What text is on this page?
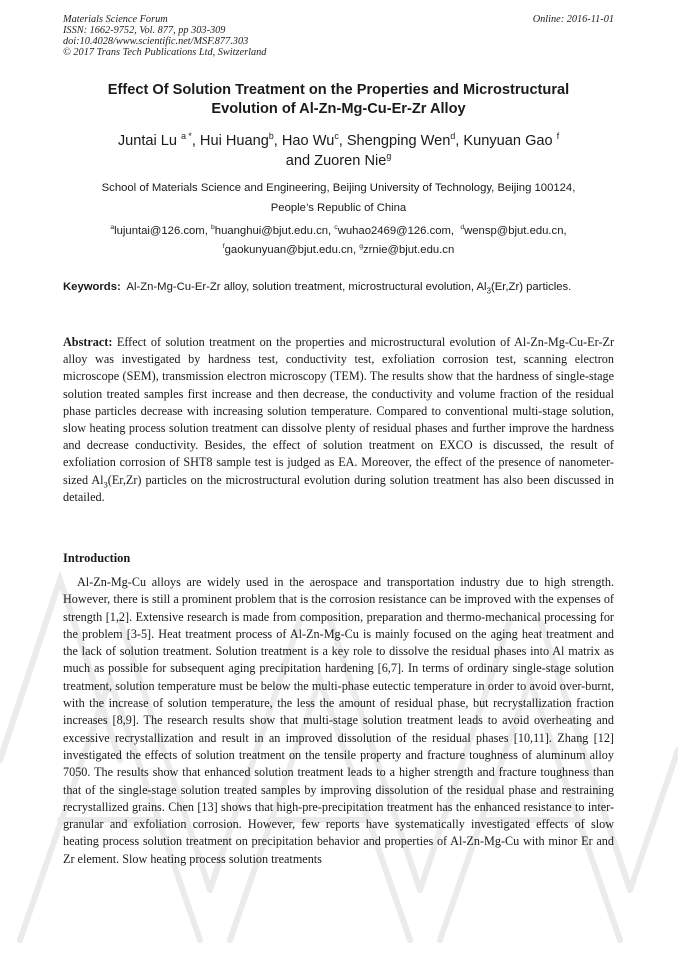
Materials Science Forum
ISSN: 1662-9752, Vol. 877, pp 303-309
doi:10.4028/www.scientific.net/MSF.877.303
© 2017 Trans Tech Publications Ltd, Switzerland
Online: 2016-11-01
Effect Of Solution Treatment on the Properties and Microstructural
Evolution of Al-Zn-Mg-Cu-Er-Zr Alloy
Juntai Lu $^{a *}$, Hui Huang$^b$, Hao Wu$^c$, Shengping Wen$^d$, Kunyuan Gao $^f$
and Zuoren Nie$^g$
School of Materials Science and Engineering, Beijing University of Technology, Beijing 100124,
People’s Republic of China
$^a$lujuntai@126.com, $^b$huanghui@bjut.edu.cn, $^c$wuhao2469@126.com,  $^d$wensp@bjut.edu.cn,
$^f$gaokunyuan@bjut.edu.cn, $^g$zrnie@bjut.edu.cn
Keywords: Al-Zn-Mg-Cu-Er-Zr alloy, solution treatment, microstructural evolution, $Al_3(Er,Zr)$ particles.
Abstract: Effect of solution treatment on the properties and microstructural evolution of Al-Zn-Mg-Cu-Er-Zr alloy was investigated by hardness test, conductivity test, exfoliation corrosion test, scanning electron microscope (SEM), transmission electron microscopy (TEM). The results show that the hardness of single-stage solution treated samples first increase and then decrease, the conductivity and volume fraction of the residual phase particles decrease with increasing solution temperature. Compared to conventional multi-stage solution, slow heating process solution treatment can dissolve plenty of residual phases and further improve the hardness and decrease conductivity. Besides, the effect of solution treatment on EXCO is discussed, the result of exfoliation corrosion of SHT8 sample test is judged as EA. Moreover, the effect of the presence of nanometer-sized $Al_3(Er,Zr)$ particles on the microstructural evolution during solution treatment has also been discussed in detailed.
Introduction

Al-Zn-Mg-Cu alloys are widely used in the aerospace and transportation industry due to high strength. However, there is still a prominent problem that is the corrosion resistance can be improved with the expenses of strength [1,2]. Extensive research is made from composition, preparation and thermo-mechanical processing for the problem [3-5]. Heat treatment process of Al-Zn-Mg-Cu is mainly focused on the aging heat treatment and the lack of solution treatment. Solution treatment is a key role to dissolve the residual phases into Al matrix as much as possible for subsequent aging precipitation hardening [6,7]. In terms of ordinary single-stage solution treatment, solution temperature must be below the multi-phase eutectic temperature in order to avoid over-burnt, with the increase of solution temperature, the less the amount of residual phase, but recrystallization fraction increases [8,9]. The research results show that multi-stage solution treatment leads to avoid overheating and excessive recrystallization and result in an improved dissolution of the residual phases [10,11]. Zhang [12] investigated the effects of solution treatment on the tensile property and fracture toughness of aluminum alloy 7050. The results show that enhanced solution treatment leads to a higher strength and fracture toughness than that of the single-stage solution treated samples by improving dissolution of the residual phase and restraining recrystallized grains. Chen [13] shows that high-pre-precipitation treatment has the enhanced resistance to inter-granular and exfoliation corrosion. However, few reports have systematically investigated effects of slow heating process solution treatment on precipitation behavior and properties of Al-Zn-Mg-Cu with minor Er and Zr element. Slow heating process solution treatments
